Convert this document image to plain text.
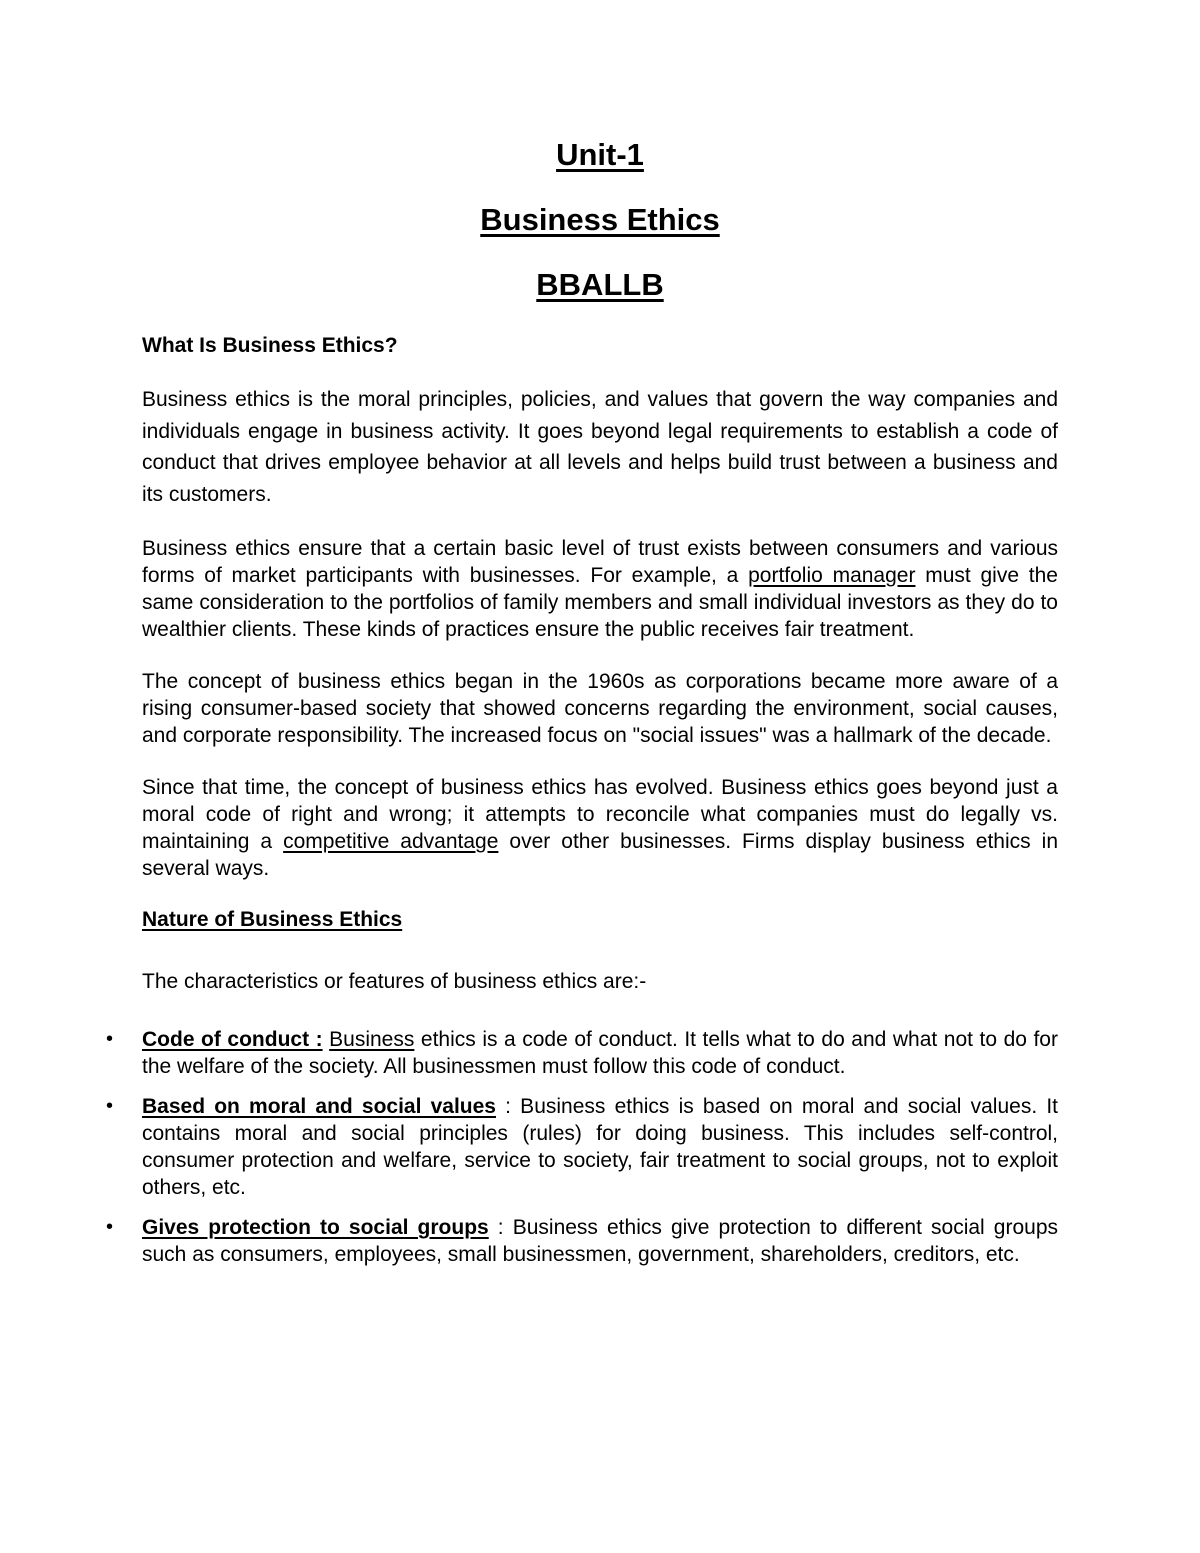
Unit-1
Business Ethics
BBALLB
What Is Business Ethics?

Business ethics is the moral principles, policies, and values that govern the way companies and individuals engage in business activity. It goes beyond legal requirements to establish a code of conduct that drives employee behavior at all levels and helps build trust between a business and its customers.

Business ethics ensure that a certain basic level of trust exists between consumers and various forms of market participants with businesses. For example, a portfolio manager must give the same consideration to the portfolios of family members and small individual investors as they do to wealthier clients. These kinds of practices ensure the public receives fair treatment.

The concept of business ethics began in the 1960s as corporations became more aware of a rising consumer-based society that showed concerns regarding the environment, social causes, and corporate responsibility. The increased focus on "social issues" was a hallmark of the decade.

Since that time, the concept of business ethics has evolved. Business ethics goes beyond just a moral code of right and wrong; it attempts to reconcile what companies must do legally vs. maintaining a competitive advantage over other businesses. Firms display business ethics in several ways.

Nature of Business Ethics
The characteristics or features of business ethics are:-
• Code of conduct : Business ethics is a code of conduct. It tells what to do and what not to do for the welfare of the society. All businessmen must follow this code of conduct.
• Based on moral and social values : Business ethics is based on moral and social values. It contains moral and social principles (rules) for doing business. This includes self-control, consumer protection and welfare, service to society, fair treatment to social groups, not to exploit others, etc.
• Gives protection to social groups : Business ethics give protection to different social groups such as consumers, employees, small businessmen, government, shareholders, creditors, etc.
